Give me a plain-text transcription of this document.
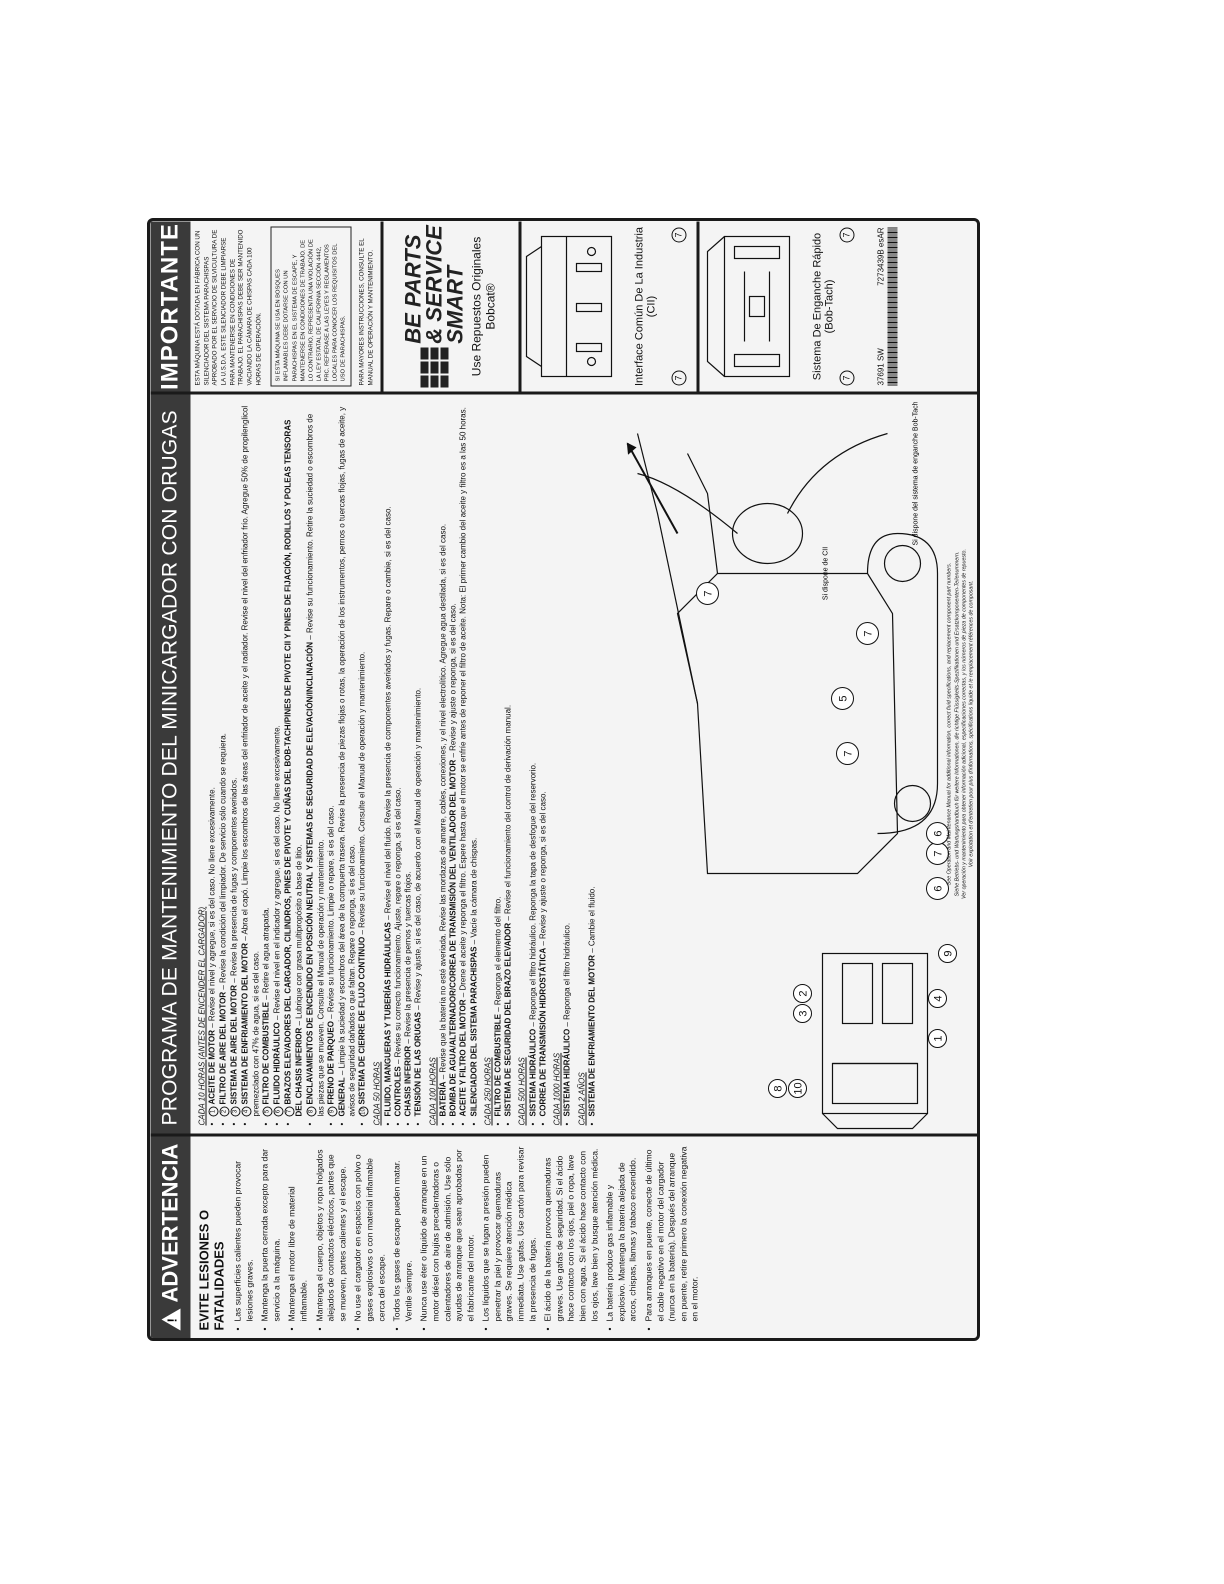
!
ADVERTENCIA	EVITE LESIONES O FATALIDADES • Las superficies calientes pueden provocar lesiones graves. • Mantenga la puerta cerrada excepto para dar servicio a la máquina. • Mantenga el motor libre de material inflamable. • Mantenga el cuerpo, objetos y ropa holgados alejados de contactos eléctricos, partes que se mueven, partes calientes y el escape. • No use el cargador en espacios con polvo o gases explosivos o con material inflamable cerca del escape. • Todos los gases de escape pueden matar. Ventile siempre. • Nunca use éter o líquido de arranque en un motor diésel con bujías precalentadoras o calentadores de aire de admisión. Use sólo ayudas de arranque que sean aprobadas por el fabricante del motor. • Los líquidos que se fugan a presión pueden penetrar la piel y provocar quemaduras graves. Se requiere atención médica inmediata. Use gafas. Use cartón para revisar la presencia de fugas. • El ácido de la batería provoca quemaduras graves. Use gafas de seguridad. Si el ácido hace contacto con los ojos, piel o ropa, lave bien con agua. Si el ácido hace contacto con los ojos, lave bien y busque atención médica. • La batería produce gas inflamable y explosivo. Mantenga la batería alejada de arcos, chispas, llamas y tabaco encendido. • Para arranques en puente, conecte de último el cable negativo en el motor del cargador (nunca en la batería). Después del arranque en puente, retire primero la conexión negativa en el motor.
PROGRAMA DE MANTENIMIENTO DEL MINICARGADOR CON ORUGAS CADA 10 HORAS (ANTES DE ENCENDER EL CARGADOR) • 1ACEITE DE MOTOR – Revise el nivel y agregue, si es del caso. No llene excesivamente.
• 2FILTRO DE AIRE DEL MOTOR – Revise la condición del limpiador. De servicio sólo cuando se requiera.
• 3SISTEMA DE AIRE DEL MOTOR – Revise la presencia de fugas y componentes averiados.
• 4SISTEMA DE ENFRIAMIENTO DEL MOTOR – Abra el capó. Limpie los escombros de las áreas del enfriador de aceite y el radiador. Revise el nivel del enfriador frío. Agregue 50% de propilenglicol premezclado con 47% de agua, si es del caso. • 5FILTRO DE COMBUSTIBLE – Retire el agua atrapada.
• 6FLUIDO HIDRÁULICO – Revise el nivel en el indicador y agregue, si es del caso. No llene excesivamente.
• 7BRAZOS ELEVADORES DEL CARGADOR, CILINDROS, PINES DE PIVOTE Y CUÑAS DEL BOB-TACH/PINES DE PIVOTE CII Y PINES DE FIJACIÓN, RODILLOS Y POLEAS TENSORAS DEL CHASIS INFERIOR – Lubrique con grasa multipropósito a base de litio.
• 8ENCLAVAMIENTOS DE ENCENDIDO EN POSICIÓN NEUTRAL Y SISTEMAS DE SEGURIDAD DE ELEVACIÓN/INCLINACIÓN – Revise su funcionamiento. Retire la suciedad o escombros de las piezas que se mueven. Consulte el Manual de operación y mantenimiento. • 9FRENO DE PARQUEO – Revise su funcionamiento. Limpie o repare, si es del caso.
• GENERAL – Limpie la suciedad y escombros del área de la compuerta trasera. Revise la presencia de piezas flojas o rotas, la operación de los instrumentos, pernos o tuercas flojas, fugas de aceite, y avisos de seguridad dañados o que faltan. Repare o reponga, si es del caso. • 10SISTEMA DE CIERRE DE FLUJO CONTINUO – Revise su funcionamiento. Consulte el Manual de operación y mantenimiento.
CADA 50 HORAS • FLUIDO, MANGUERAS Y TUBERÍAS HIDRÁULICAS – Revise el nivel del fluido. Revise la presencia de componentes averiados y fugas. Repare o cambie, si es del caso.
• CONTROLES – Revise su correcto funcionamiento. Ajuste, repare o reponga, si es del caso.
• CHASIS INFERIOR – Revise la presencia de pernos y tuercas flojos.
• TENSIÓN DE LAS ORUGAS – Revise y ajuste, si es del caso, de acuerdo con el Manual de operación y mantenimiento.
CADA 100 HORAS • BATERÍA – Revise que la batería no esté averiada. Revise las mordazas de amarre, cables, conexiones, y el nivel electrolítico. Agregue agua destilada, si es del caso. • BOMBA DE AGUA/ALTERNADOR/CORREA DE TRANSMISIÓN DEL VENTILADOR DEL MOTOR – Revise y ajuste o reponga, si es del caso.
• ACEITE Y FILTRO DEL MOTOR – Drene el aceite y reponga el filtro. Espere hasta que el motor se enfríe antes de reponer el filtro de aceite. Nota: El primer cambio del aceite y filtro es a las 50 horas.
• SILENCIADOR DEL SISTEMA PARACHISPAS – Vacíe la cámara de chispas.
CADA 250 HORAS • FILTRO DE COMBUSTIBLE – Reponga el elemento del filtro. • SISTEMA DE SEGURIDAD DEL BRAZO ELEVADOR – Revise el funcionamiento del control de derivación manual.
CADA 500 HORAS • SISTEMA HIDRÁULICO – Reponga el filtro hidráulico. Reponga la tapa de desfogue del reservorio.
• CORREA DE TRANSMISIÓN HIDROSTÁTICA – Revise y ajuste o reponga, si es del caso.
CADA 1000 HORAS • SISTEMA HIDRÁULICO – Reponga el filtro hidráulico.
CADA 2 AÑOS • SISTEMA DE ENFRIAMIENTO DEL MOTOR – Cambie el fluido.
10
8
9
3
2
1
4
6
7
6
7
5
7
7	Si dispone de CII
Si dispone del sistema de enganche Bob-Tach
See Operation and Maintenance Manual for additional information, correct fluid specifications, and replacement component part numbers. Siehe Betriebs- und Wartungshandbuch für weitere Informationen, die richtige Flüssigkeits-Spezifikationen und Ersatzkomponenten-Teilenummern. Ver operación y mantenimiento para obtener información adicional, especificaciones correctas, y los números de pieza de componentes de repuesto. Voir explotation et d'entretien pour plus d'informations, spécifications liquide et le remplacement références de composant.
IMPORTANTE	ESTA MÁQUINA ESTÁ DOTADA EN FÁBRICA CON UN SILENCIADOR DEL SISTEMA PARACHISPAS APROBADO POR EL SERVICIO DE SILVICULTURA DE LA U.S.D.A. ESTE SILENCIADOR DEBE LIMPIARSE PARA MANTENERSE EN CONDICIONES DE TRABAJO. EL PARACHISPAS DEBE SER MANTENIDO VACIANDO LA CÁMARA DE CHISPAS CADA 100 HORAS DE OPERACIÓN.	SI ESTA MÁQUINA SE USA EN BOSQUES INFLAMABLES DEBE DOTARSE CON UN PARACHISPAS EN EL SISTEMA DE ESCAPE, Y MANTENERSE EN CONDICIONES DE TRABAJO. DE LO CONTRARIO, REPRESENTA UNA VIOLACIÓN DE LA LEY ESTATAL DE CALIFORNIA SECCIÓN 4442, PRC. REFIÉRASE A LAS LEYES Y REGLAMENTOS LOCALES PARA CONOCER LOS REQUISITOS DEL USO DE PARACHISPAS.	PARA MAYORES INSTRUCCIONES, CONSULTE EL MANUAL DE OPERACIÓN Y MANTENIMIENTO. BE PARTS
& SERVICE
SMART Use Repuestos Originales Bobcat®	Interface Común De La Industria (CII)
7
7	Sistema De Enganche Rápido (Bob-Tach)
7
7
37691 SW
7273439B esAR
